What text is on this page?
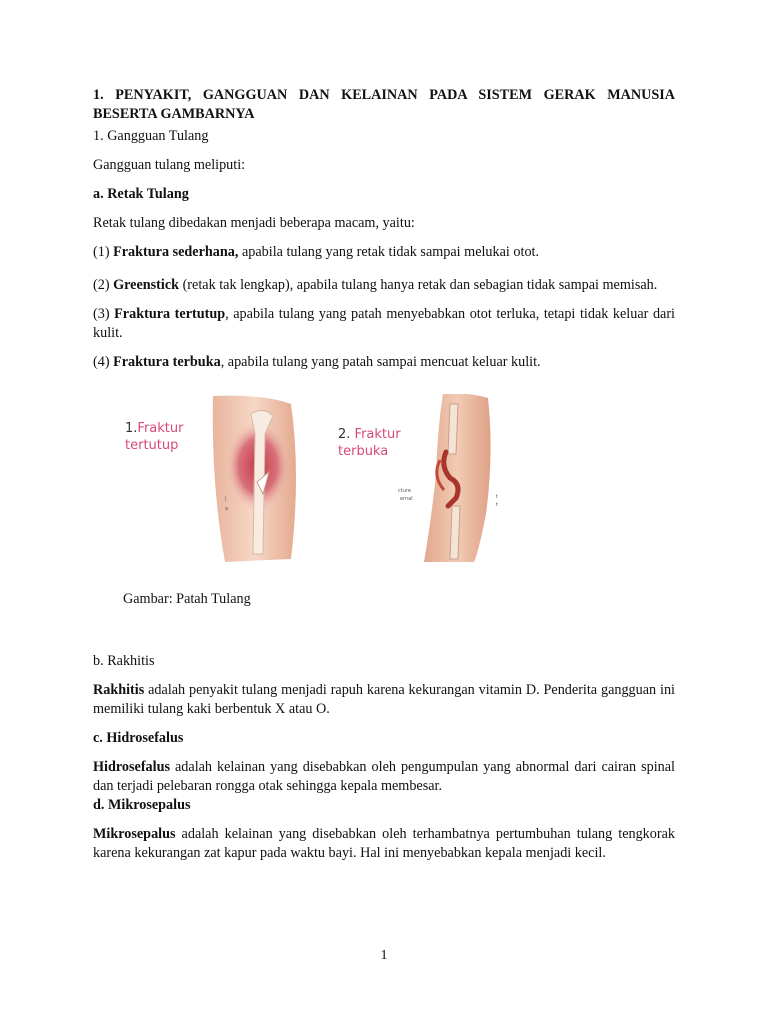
1. PENYAKIT, GANGGUAN DAN KELAINAN PADA SISTEM GERAK MANUSIA BESERTA GAMBARNYA

1. Gangguan Tulang

Gangguan tulang meliputi:

a. Retak Tulang

Retak tulang dibedakan menjadi beberapa macam, yaitu:

(1) Fraktura sederhana, apabila tulang yang retak tidak sampai melukai otot.

(2) Greenstick (retak tak lengkap), apabila tulang hanya retak dan sebagian tidak sampai memisah.

(3) Fraktura tertutup, apabila tulang yang patah menyebabkan otot terluka, tetapi tidak keluar dari kulit.

(4) Fraktura terbuka, apabila tulang yang patah sampai mencuat keluar kulit.

|
a
1.Fraktur
tertutup
cture
ernal	t
t
2. Fraktur
terbuka

Gambar: Patah Tulang

b. Rakhitis

Rakhitis adalah penyakit tulang menjadi rapuh karena kekurangan vitamin D. Penderita gangguan ini memiliki tulang kaki berbentuk X atau O.

c. Hidrosefalus

Hidrosefalus adalah kelainan yang disebabkan oleh pengumpulan yang abnormal dari cairan spinal dan terjadi pelebaran rongga otak sehingga kepala membesar.

d. Mikrosepalus

Mikrosepalus adalah kelainan yang disebabkan oleh terhambatnya pertumbuhan tulang tengkorak karena kekurangan zat kapur pada waktu bayi. Hal ini menyebabkan kepala menjadi kecil.

1
